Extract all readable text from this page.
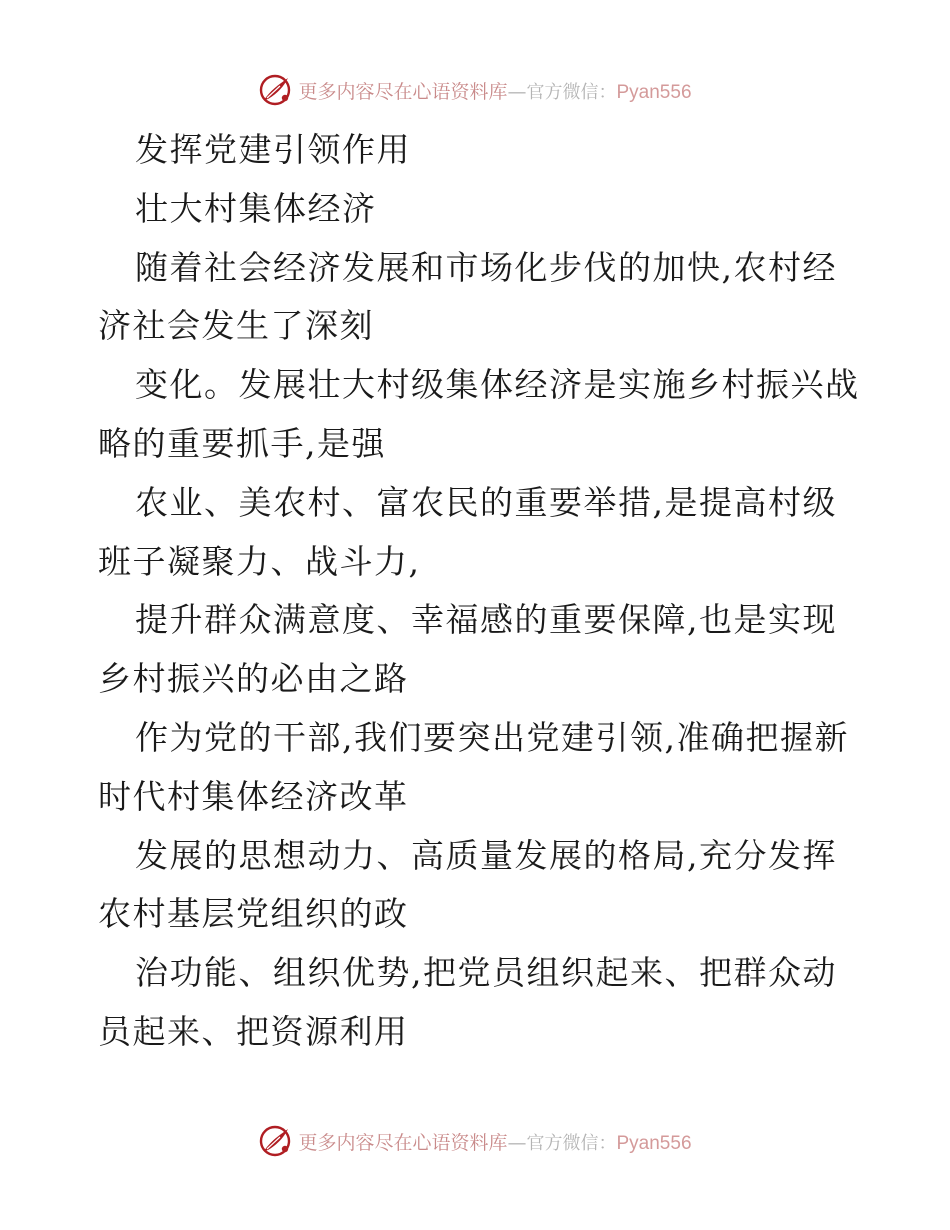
更多内容尽在心语资料库—官方微信：Pyan556
发挥党建引领作用
壮大村集体经济
随着社会经济发展和市场化步伐的加快,农村经
济社会发生了深刻
变化。发展壮大村级集体经济是实施乡村振兴战
略的重要抓手,是强
农业、美农村、富农民的重要举措,是提高村级
班子凝聚力、战斗力,
提升群众满意度、幸福感的重要保障,也是实现
乡村振兴的必由之路
作为党的干部,我们要突出党建引领,准确把握新
时代村集体经济改革
发展的思想动力、高质量发展的格局,充分发挥
农村基层党组织的政
治功能、组织优势,把党员组织起来、把群众动
员起来、把资源利用
更多内容尽在心语资料库—官方微信：Pyan556
